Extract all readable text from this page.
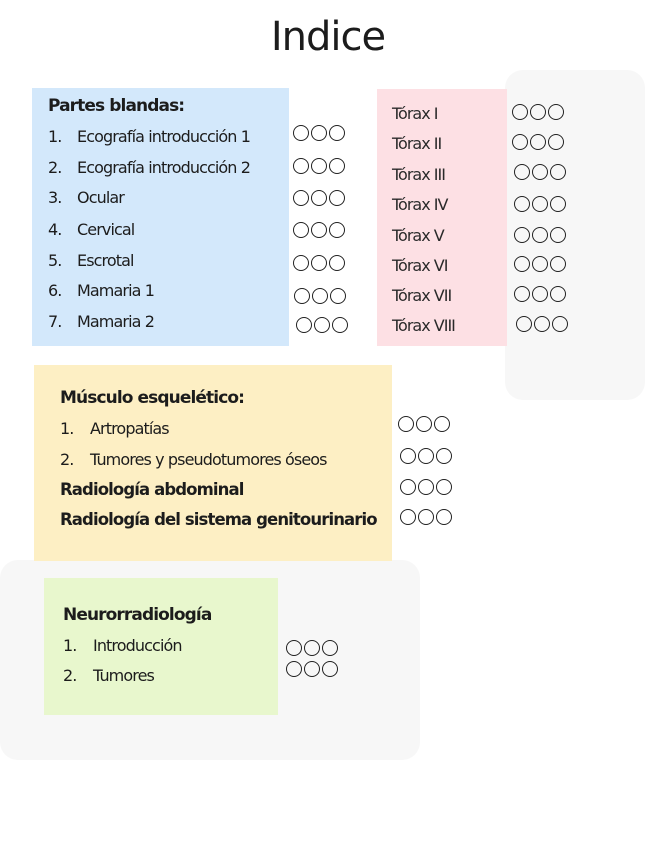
Indice
Partes blandas:
1. Ecografía introducción 1
2. Ecografía introducción 2
3. Ocular
4. Cervical
5. Escrotal
6. Mamaria 1
7. Mamaria 2
Tórax I
Tórax II
Tórax III
Tórax IV
Tórax V
Tórax VI
Tórax VII
Tórax VIII
Músculo esquelético:
1. Artropatías
2. Tumores y pseudotumores óseos
Radiología abdominal
Radiología del sistema genitourinario
Neurorradiología
1. Introducción
2. Tumores
